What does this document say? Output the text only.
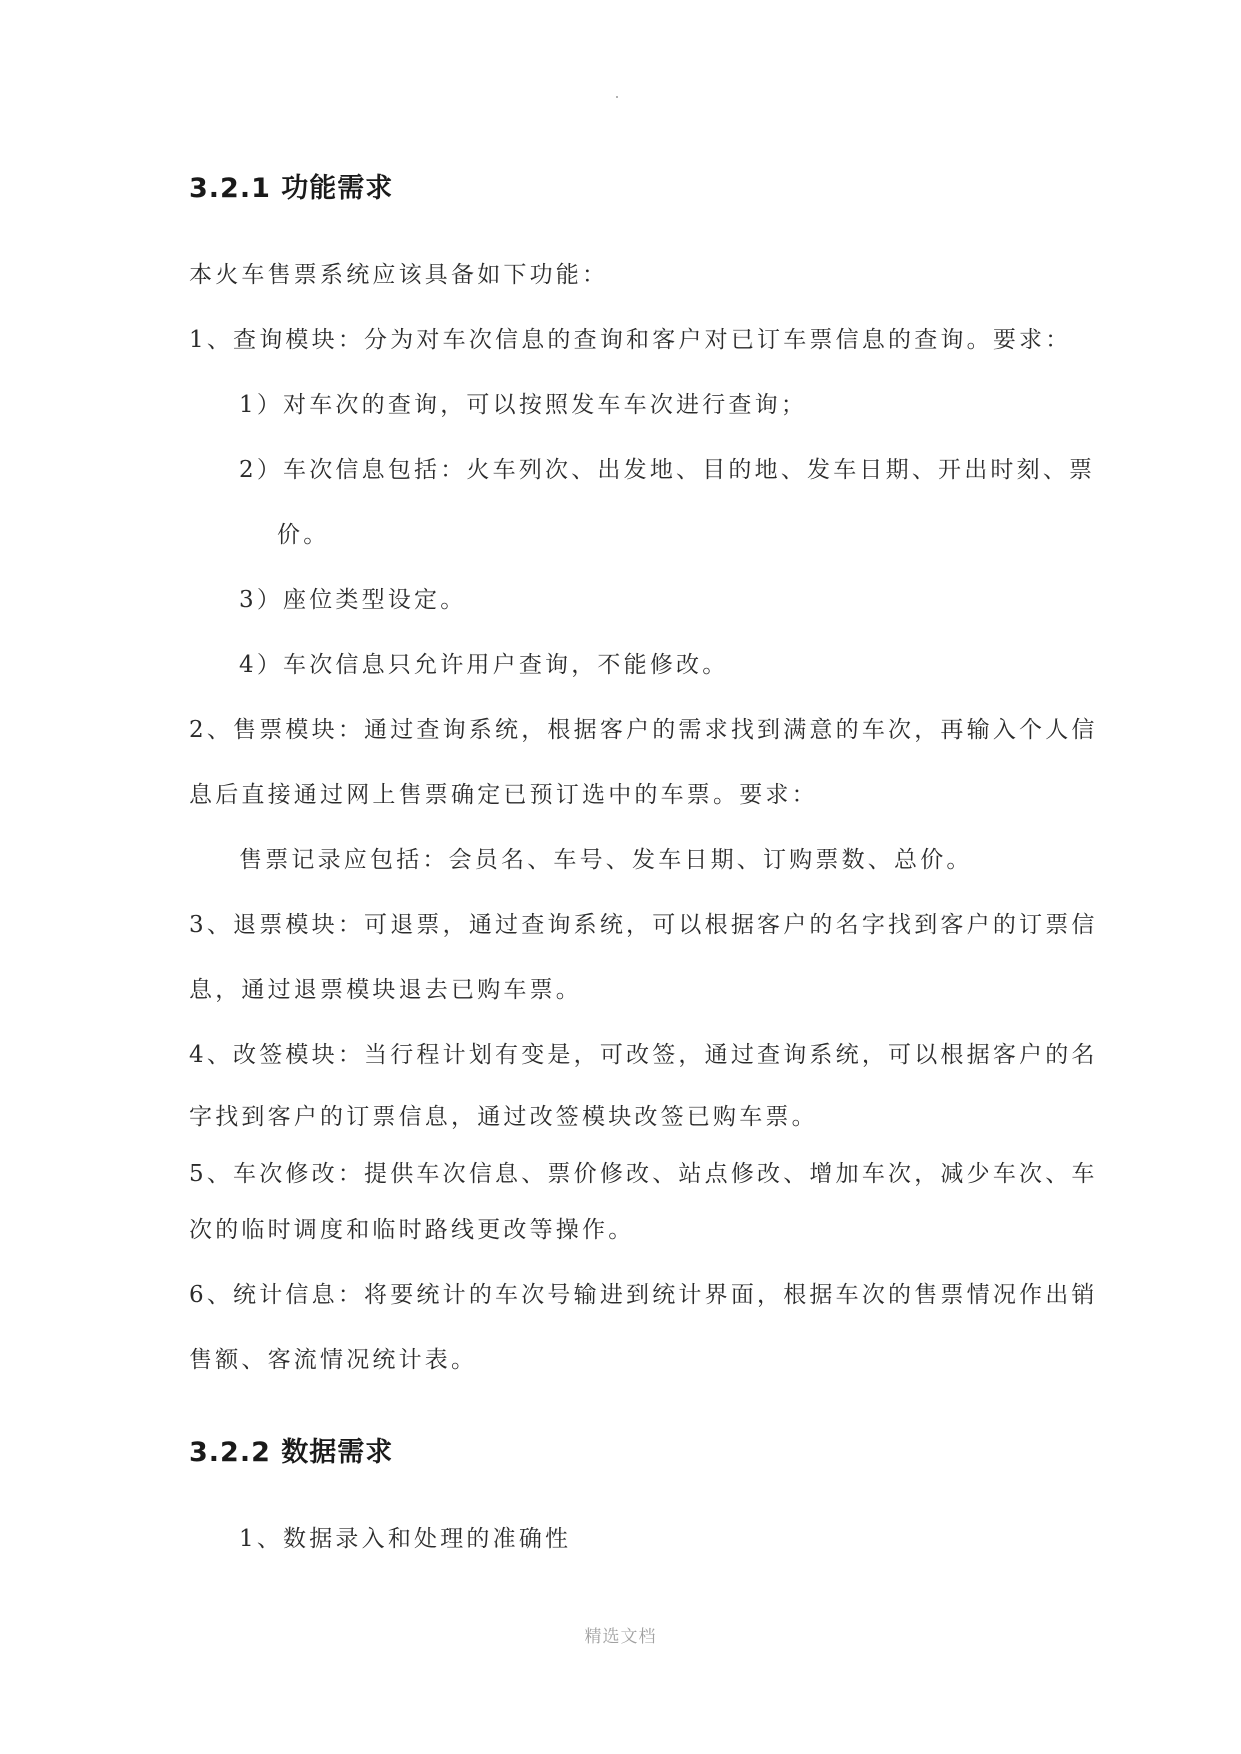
3.2.1 功能需求
本火车售票系统应该具备如下功能：
1、查询模块：分为对车次信息的查询和客户对已订车票信息的查询。要求：
1）对车次的查询，可以按照发车车次进行查询；
2）车次信息包括：火车列次、出发地、目的地、发车日期、开出时刻、票
价。
3）座位类型设定。
4）车次信息只允许用户查询，不能修改。
2、售票模块：通过查询系统，根据客户的需求找到满意的车次，再输入个人信
息后直接通过网上售票确定已预订选中的车票。要求：
售票记录应包括：会员名、车号、发车日期、订购票数、总价。
3、退票模块：可退票，通过查询系统，可以根据客户的名字找到客户的订票信
息，通过退票模块退去已购车票。
4、改签模块：当行程计划有变是，可改签，通过查询系统，可以根据客户的名
字找到客户的订票信息，通过改签模块改签已购车票。
5、车次修改：提供车次信息、票价修改、站点修改、增加车次，减少车次、车
次的临时调度和临时路线更改等操作。
6、统计信息：将要统计的车次号输进到统计界面，根据车次的售票情况作出销
售额、客流情况统计表。
3.2.2 数据需求
1、数据录入和处理的准确性
精选文档
